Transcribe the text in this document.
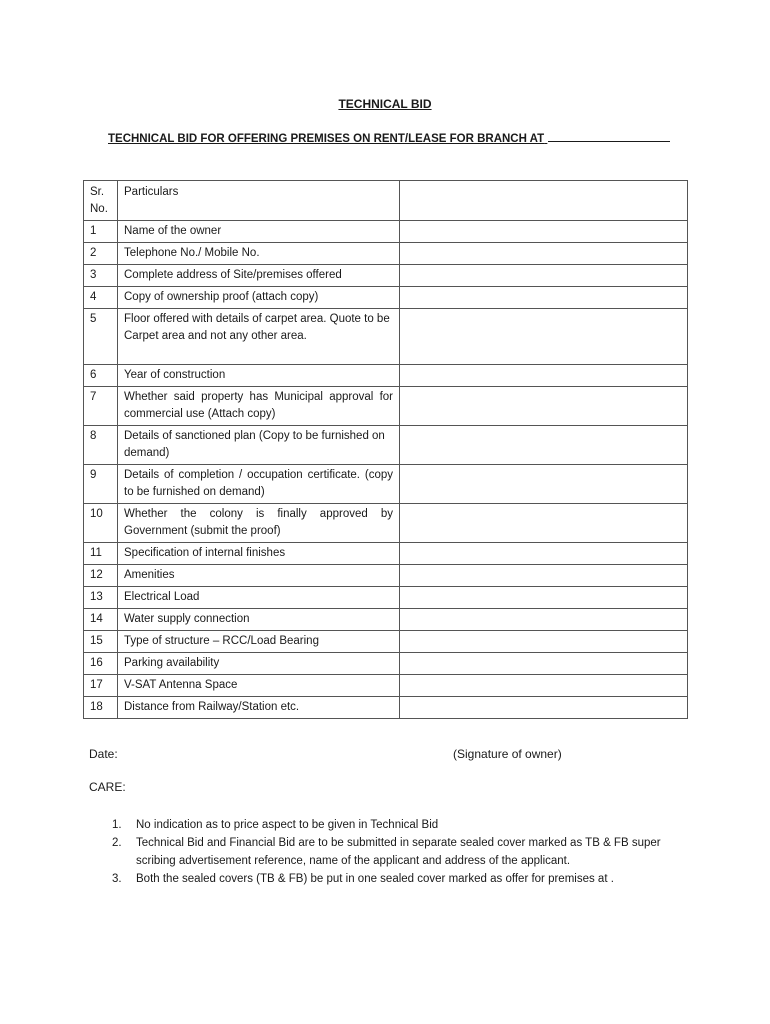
TECHNICAL BID
TECHNICAL BID FOR OFFERING PREMISES ON RENT/LEASE FOR BRANCH AT
Sr. No.	Particulars	
1	Name of the owner	
2	Telephone No./ Mobile No.	
3	Complete address of Site/premises offered	
4	Copy of ownership proof (attach copy)	
5	Floor offered with details of carpet area. Quote to be Carpet area and not any other area.	
6	Year of construction	
7	Whether said property has Municipal approval for commercial use (Attach copy)	
8	Details of sanctioned plan (Copy to be furnished on demand)	
9	Details of completion / occupation certificate. (copy to be furnished on demand)	
10	Whether the colony is finally approved by Government (submit the proof)	
11	Specification of internal finishes	
12	Amenities	
13	Electrical Load	
14	Water supply connection	
15	Type of structure – RCC/Load Bearing	
16	Parking availability	
17	V-SAT Antenna Space	
18	Distance from Railway/Station etc.	
Date:	(Signature of owner)
CARE:
1. No indication as to price aspect to be given in Technical Bid
2. Technical Bid and Financial Bid are to be submitted in separate sealed cover marked as TB & FB super scribing advertisement reference, name of the applicant and address of the applicant.
3. Both the sealed covers (TB & FB) be put in one sealed cover marked as offer for premises at .
